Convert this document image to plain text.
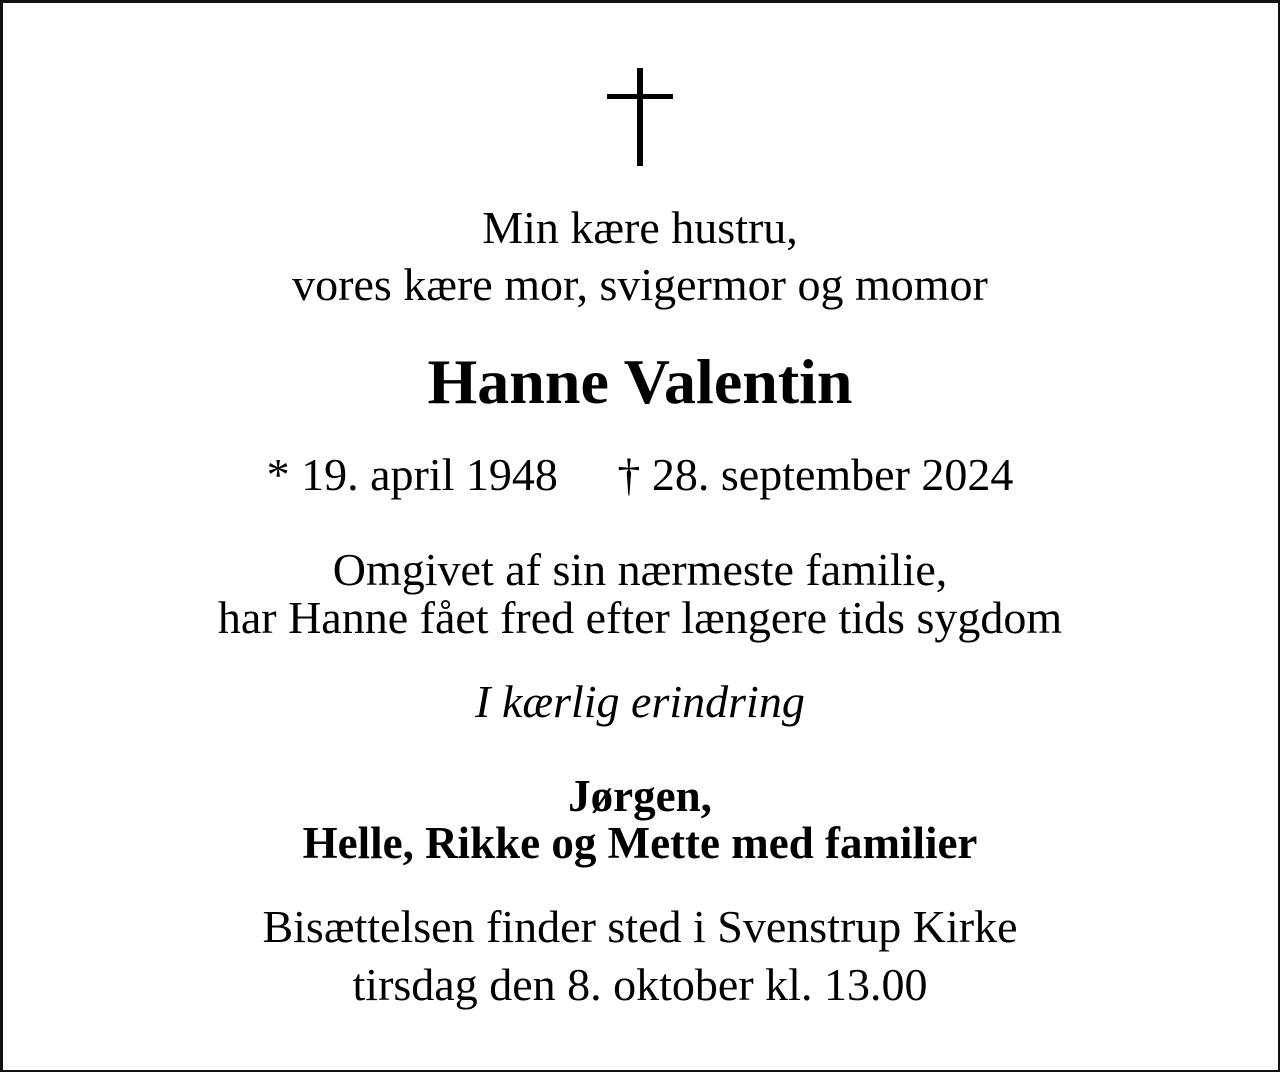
Min kære hustru,
vores kære mor, svigermor og momor
Hanne Valentin
* 19. april 1948 † 28. september 2024
Omgivet af sin nærmeste familie,
har Hanne fået fred efter længere tids sygdom
I kærlig erindring
Jørgen,
Helle, Rikke og Mette med familier
Bisættelsen finder sted i Svenstrup Kirke
tirsdag den 8. oktober kl. 13.00
